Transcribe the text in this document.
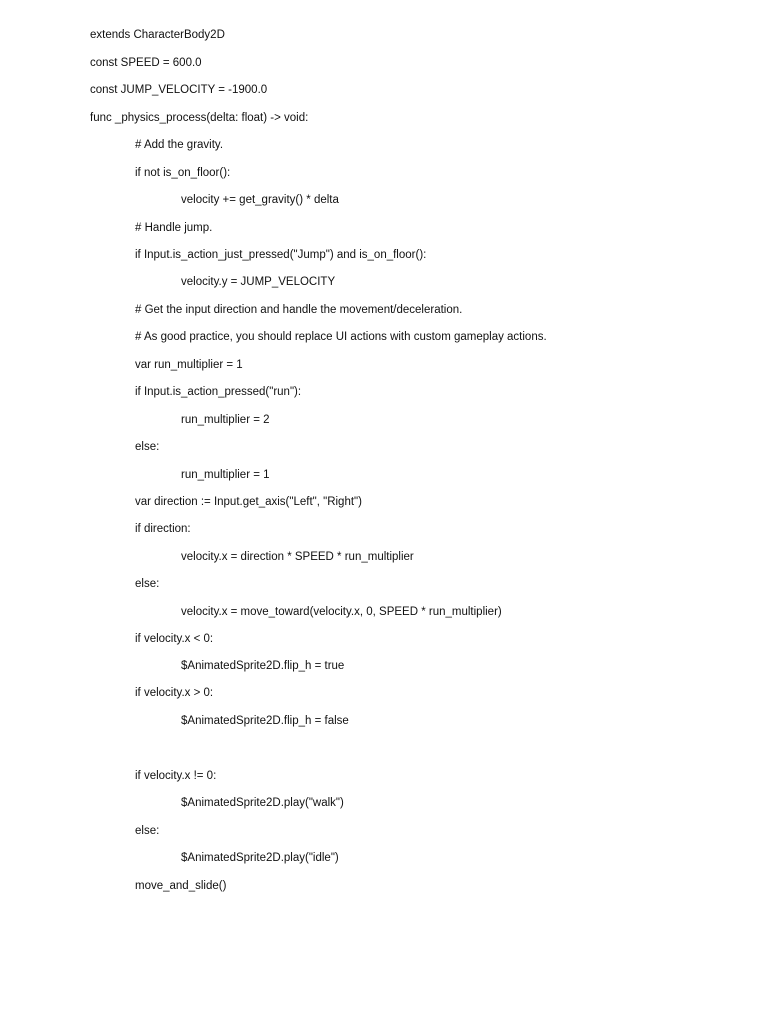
extends CharacterBody2D
const SPEED = 600.0
const JUMP_VELOCITY = -1900.0
func _physics_process(delta: float) -> void:
# Add the gravity.
if not is_on_floor():
velocity += get_gravity() * delta
# Handle jump.
if Input.is_action_just_pressed("Jump") and is_on_floor():
velocity.y = JUMP_VELOCITY
# Get the input direction and handle the movement/deceleration.
# As good practice, you should replace UI actions with custom gameplay actions.
var run_multiplier = 1
if Input.is_action_pressed("run"):
run_multiplier = 2
else:
run_multiplier = 1
var direction := Input.get_axis("Left", "Right")
if direction:
velocity.x = direction * SPEED * run_multiplier
else:
velocity.x = move_toward(velocity.x, 0, SPEED * run_multiplier)
if velocity.x < 0:
$AnimatedSprite2D.flip_h = true
if velocity.x > 0:
$AnimatedSprite2D.flip_h = false
if velocity.x != 0:
$AnimatedSprite2D.play("walk")
else:
$AnimatedSprite2D.play("idle")
move_and_slide()
